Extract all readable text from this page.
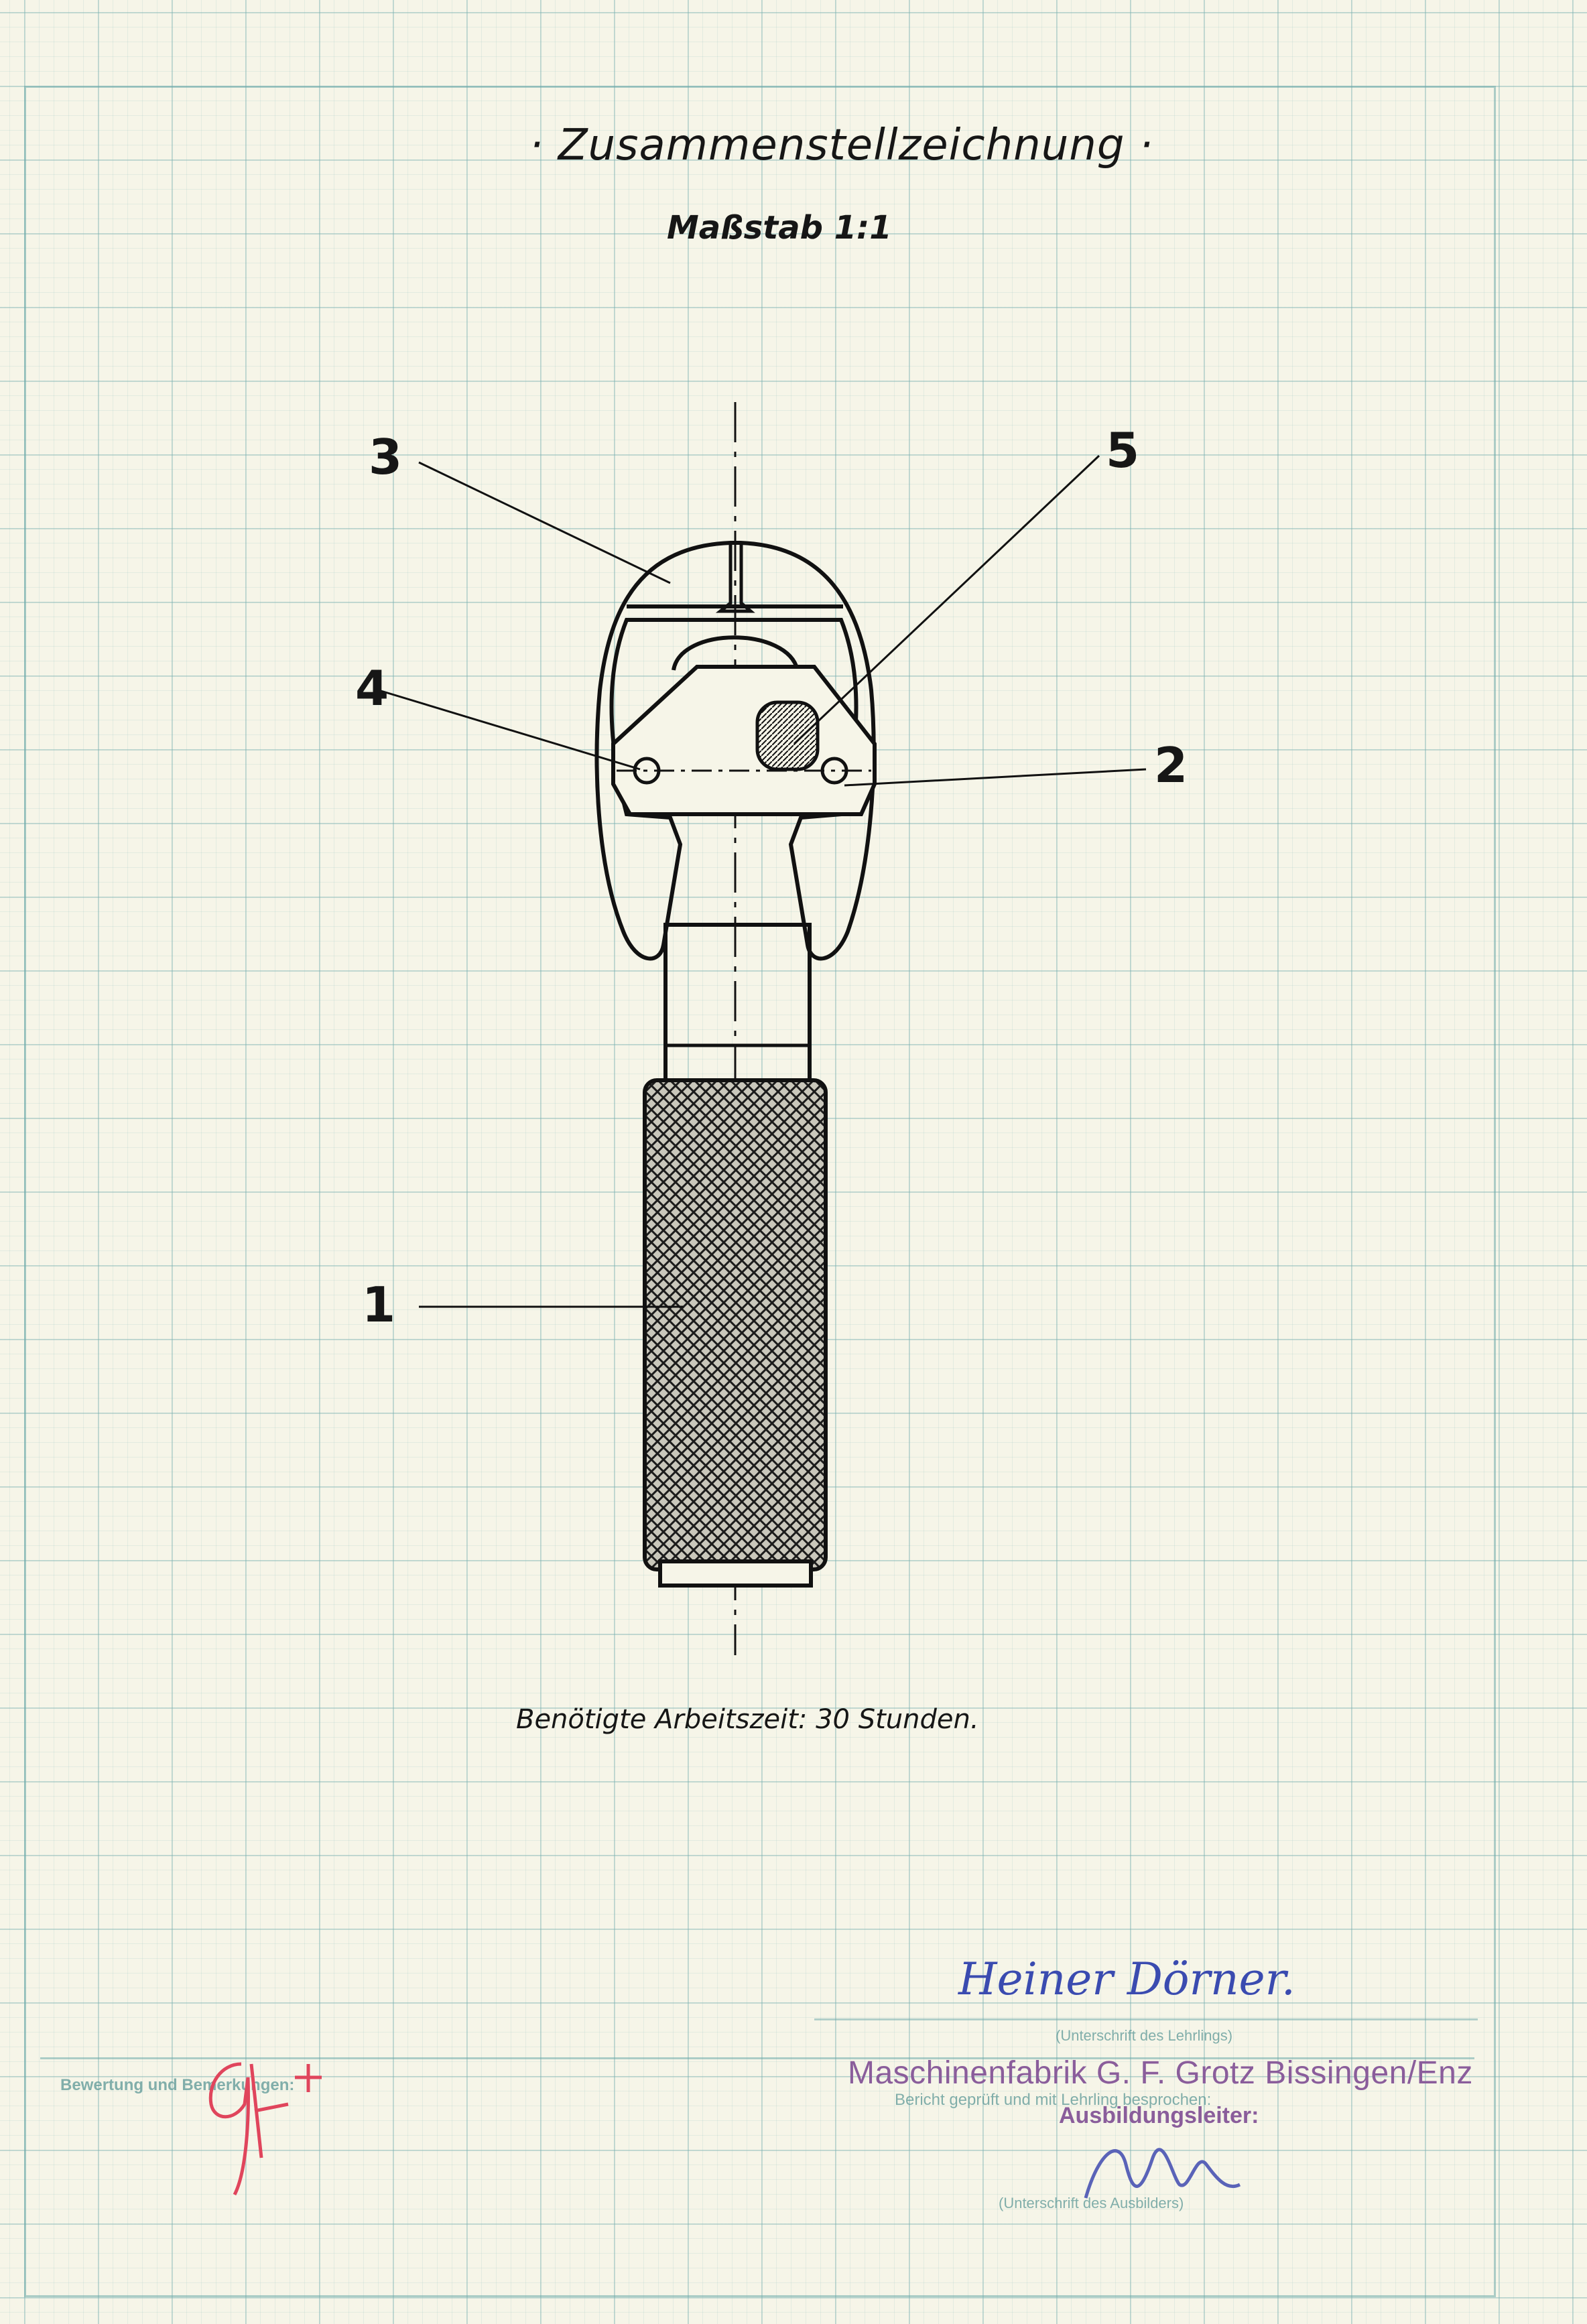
· Zusammenstellzeichnung ·
Maßstab 1:1
3	5
4
2
1
Benötigte Arbeitszeit: 30 Stunden.
Heiner Dörner.
(Unterschrift des Lehrlings)
Bewertung und Bemerkungen:
Bericht geprüft und mit Lehrling besprochen:
(Unterschrift des Ausbilders)
Maschinenfabrik G. F. Grotz Bissingen/Enz
Ausbildungsleiter:
